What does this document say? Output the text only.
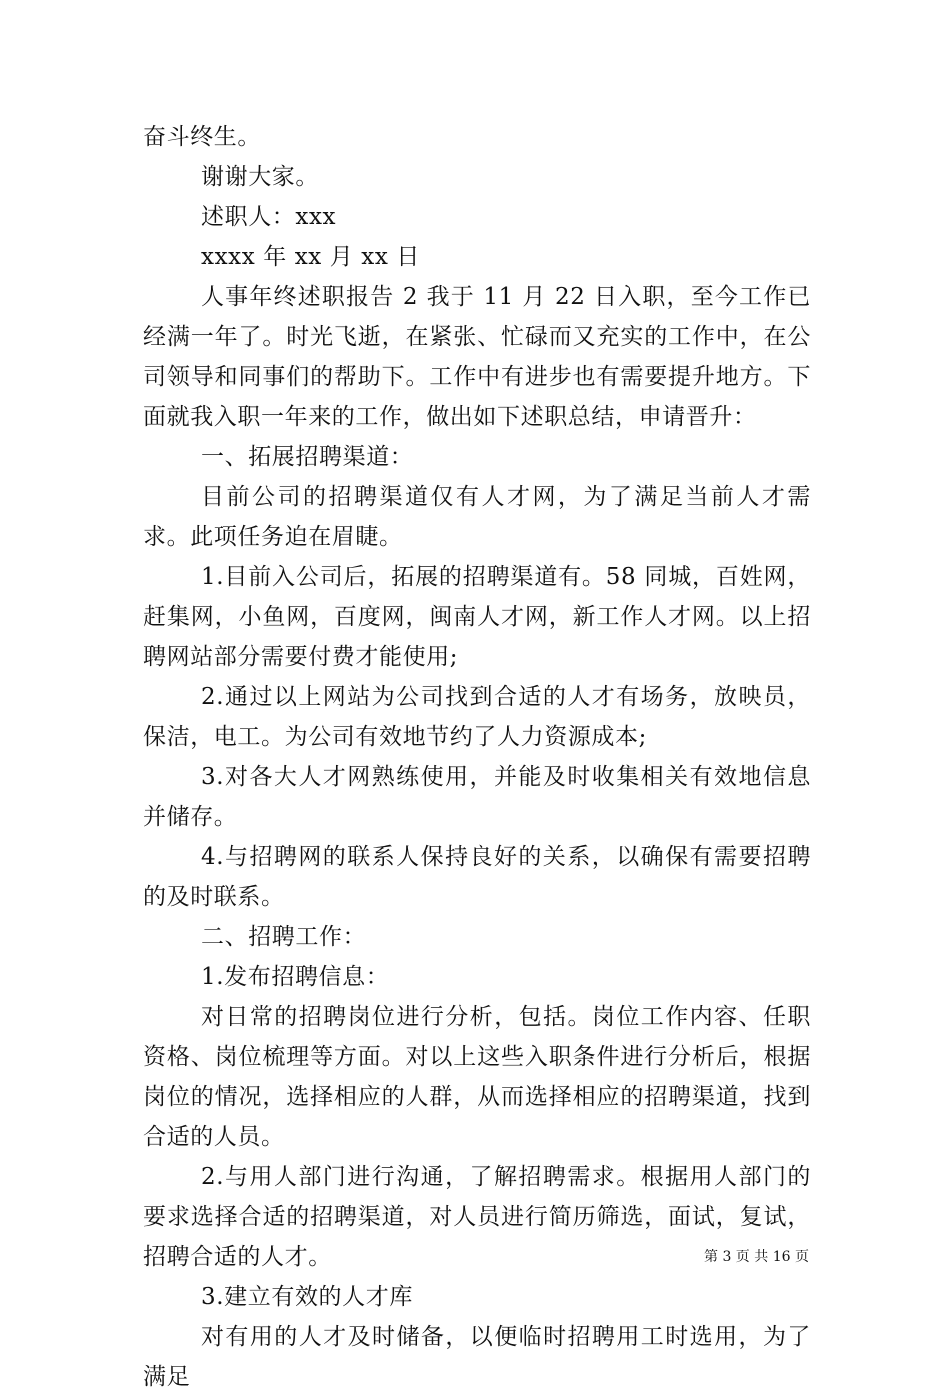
奋斗终生。

谢谢大家。

述职人：xxx

xxxx 年 xx 月 xx 日

人事年终述职报告 2 我于 11 月 22 日入职，至今工作已经满一年了。时光飞逝，在紧张、忙碌而又充实的工作中，在公司领导和同事们的帮助下。工作中有进步也有需要提升地方。下面就我入职一年来的工作，做出如下述职总结，申请晋升：

一、拓展招聘渠道：

目前公司的招聘渠道仅有人才网，为了满足当前人才需求。此项任务迫在眉睫。

1.目前入公司后，拓展的招聘渠道有。58 同城，百姓网，赶集网，小鱼网，百度网，闽南人才网，新工作人才网。以上招聘网站部分需要付费才能使用;

2.通过以上网站为公司找到合适的人才有场务，放映员，保洁，电工。为公司有效地节约了人力资源成本;

3.对各大人才网熟练使用，并能及时收集相关有效地信息并储存。

4.与招聘网的联系人保持良好的关系，以确保有需要招聘的及时联系。

二、招聘工作：

1.发布招聘信息：

对日常的招聘岗位进行分析，包括。岗位工作内容、任职资格、岗位梳理等方面。对以上这些入职条件进行分析后，根据岗位的情况，选择相应的人群，从而选择相应的招聘渠道，找到合适的人员。

2.与用人部门进行沟通，了解招聘需求。根据用人部门的要求选择合适的招聘渠道，对人员进行简历筛选，面试，复试，招聘合适的人才。

3.建立有效的人才库

对有用的人才及时储备，以便临时招聘用工时选用，为了满足

第 3 页 共 16 页
